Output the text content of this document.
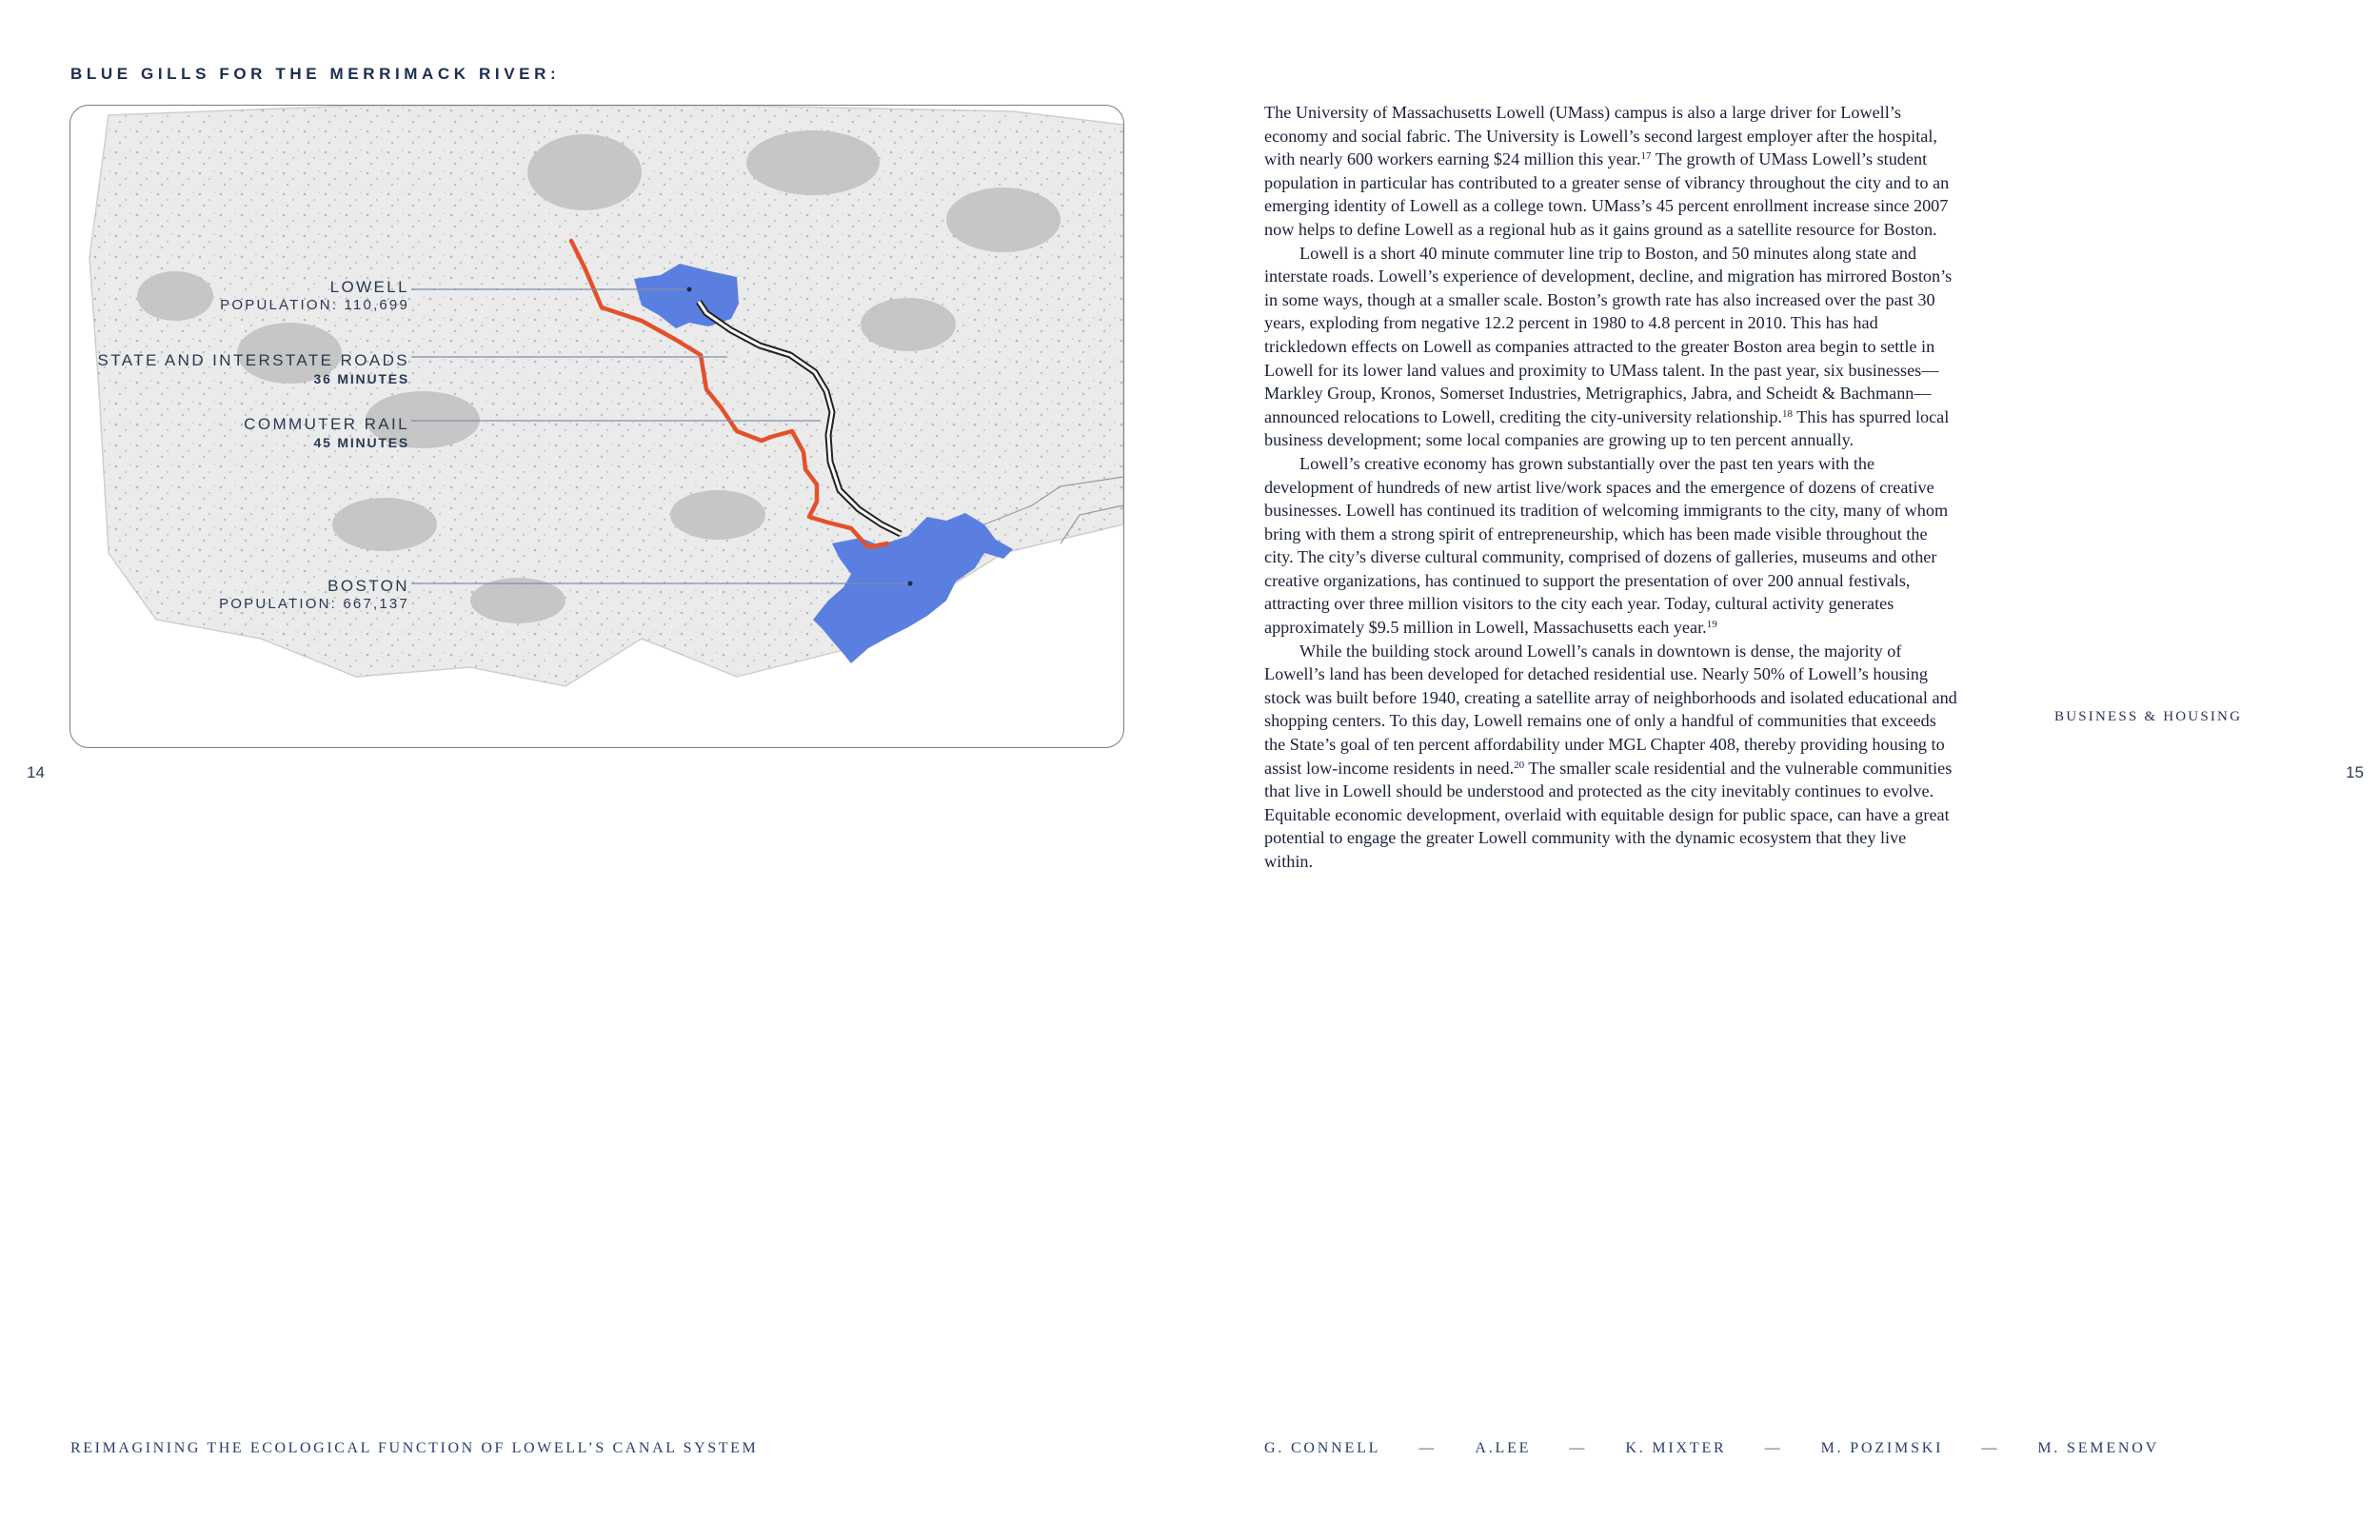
BLUE GILLS FOR THE MERRIMACK RIVER:
LOWELL
POPULATION: 110,699
STATE AND INTERSTATE ROADS
36 MINUTES
COMMUTER RAIL
45 MINUTES
BOSTON
POPULATION: 667,137
14
REIMAGINING THE ECOLOGICAL FUNCTION OF LOWELL’S CANAL SYSTEM

The University of Massachusetts Lowell (UMass) campus is also a large driver for Lowell’s economy and social fabric. The University is Lowell’s second largest employer after the hospital, with nearly 600 workers earning $24 million this year.$^{17}$ The growth of UMass Lowell’s student population in particular has contributed to a greater sense of vibrancy throughout the city and to an emerging identity of Lowell as a college town. UMass’s 45 percent enrollment increase since 2007 now helps to define Lowell as a regional hub as it gains ground as a satellite resource for Boston.

Lowell is a short 40 minute commuter line trip to Boston, and 50 minutes along state and interstate roads. Lowell’s experience of development, decline, and migration has mirrored Boston’s in some ways, though at a smaller scale. Boston’s growth rate has also increased over the past 30 years, exploding from negative 12.2 percent in 1980 to 4.8 percent in 2010. This has had trickledown effects on Lowell as companies attracted to the greater Boston area begin to settle in Lowell for its lower land values and proximity to UMass talent. In the past year, six businesses— Markley Group, Kronos, Somerset Industries, Metrigraphics, Jabra, and Scheidt & Bachmann— announced relocations to Lowell, crediting the city-university relationship.$^{18}$ This has spurred local business development; some local companies are growing up to ten percent annually.

Lowell’s creative economy has grown substantially over the past ten years with the development of hundreds of new artist live/work spaces and the emergence of dozens of creative businesses. Lowell has continued its tradition of welcoming immigrants to the city, many of whom bring with them a strong spirit of entrepreneurship, which has been made visible throughout the city. The city’s diverse cultural community, comprised of dozens of galleries, museums and other creative organizations, has continued to support the presentation of over 200 annual festivals, attracting over three million visitors to the city each year. Today, cultural activity generates approximately $9.5 million in Lowell, Massachusetts each year.$^{19}$

While the building stock around Lowell’s canals in downtown is dense, the majority of Lowell’s land has been developed for detached residential use. Nearly 50% of Lowell’s housing stock was built before 1940, creating a satellite array of neighborhoods and isolated educational and shopping centers. To this day, Lowell remains one of only a handful of communities that exceeds the State’s goal of ten percent affordability under MGL Chapter 408, thereby providing housing to assist low-income residents in need.$^{20}$ The smaller scale residential and the vulnerable communities that live in Lowell should be understood and protected as the city inevitably continues to evolve. Equitable economic development, overlaid with equitable design for public space, can have a great potential to engage the greater Lowell community with the dynamic ecosystem that they live within.

BUSINESS & HOUSING
15
G. CONNELL	—	A.LEE	—	K. MIXTER	—	M. POZIMSKI	—	M. SEMENOV
